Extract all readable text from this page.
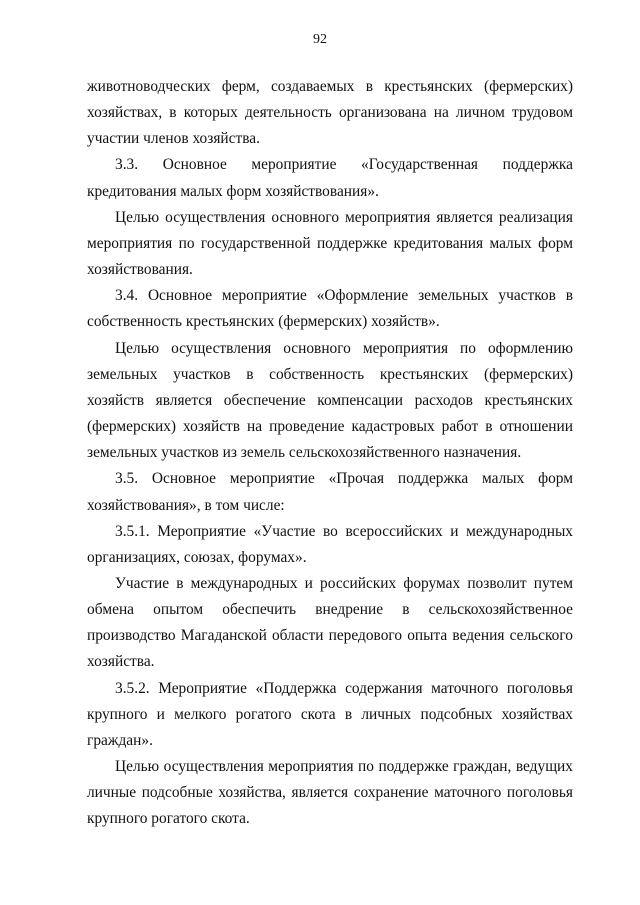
92

животноводческих ферм, создаваемых в крестьянских (фермерских) хозяйствах, в которых деятельность организована на личном трудовом участии членов хозяйства.

3.3. Основное мероприятие «Государственная поддержка кредитования малых форм хозяйствования».

Целью осуществления основного мероприятия является реализация мероприятия по государственной поддержке кредитования малых форм хозяйствования.

3.4. Основное мероприятие «Оформление земельных участков в собственность крестьянских (фермерских) хозяйств».

Целью осуществления основного мероприятия по оформлению земельных участков в собственность крестьянских (фермерских) хозяйств является обеспечение компенсации расходов крестьянских (фермерских) хозяйств на проведение кадастровых работ в отношении земельных участков из земель сельскохозяйственного назначения.

3.5. Основное мероприятие «Прочая поддержка малых форм хозяйствования», в том числе:

3.5.1. Мероприятие «Участие во всероссийских и международных организациях, союзах, форумах».

Участие в международных и российских форумах позволит путем обмена опытом обеспечить внедрение в сельскохозяйственное производство Магаданской области передового опыта ведения сельского хозяйства.

3.5.2. Мероприятие «Поддержка содержания маточного поголовья крупного и мелкого рогатого скота в личных подсобных хозяйствах граждан».

Целью осуществления мероприятия по поддержке граждан, ведущих личные подсобные хозяйства, является сохранение маточного поголовья крупного рогатого скота.
